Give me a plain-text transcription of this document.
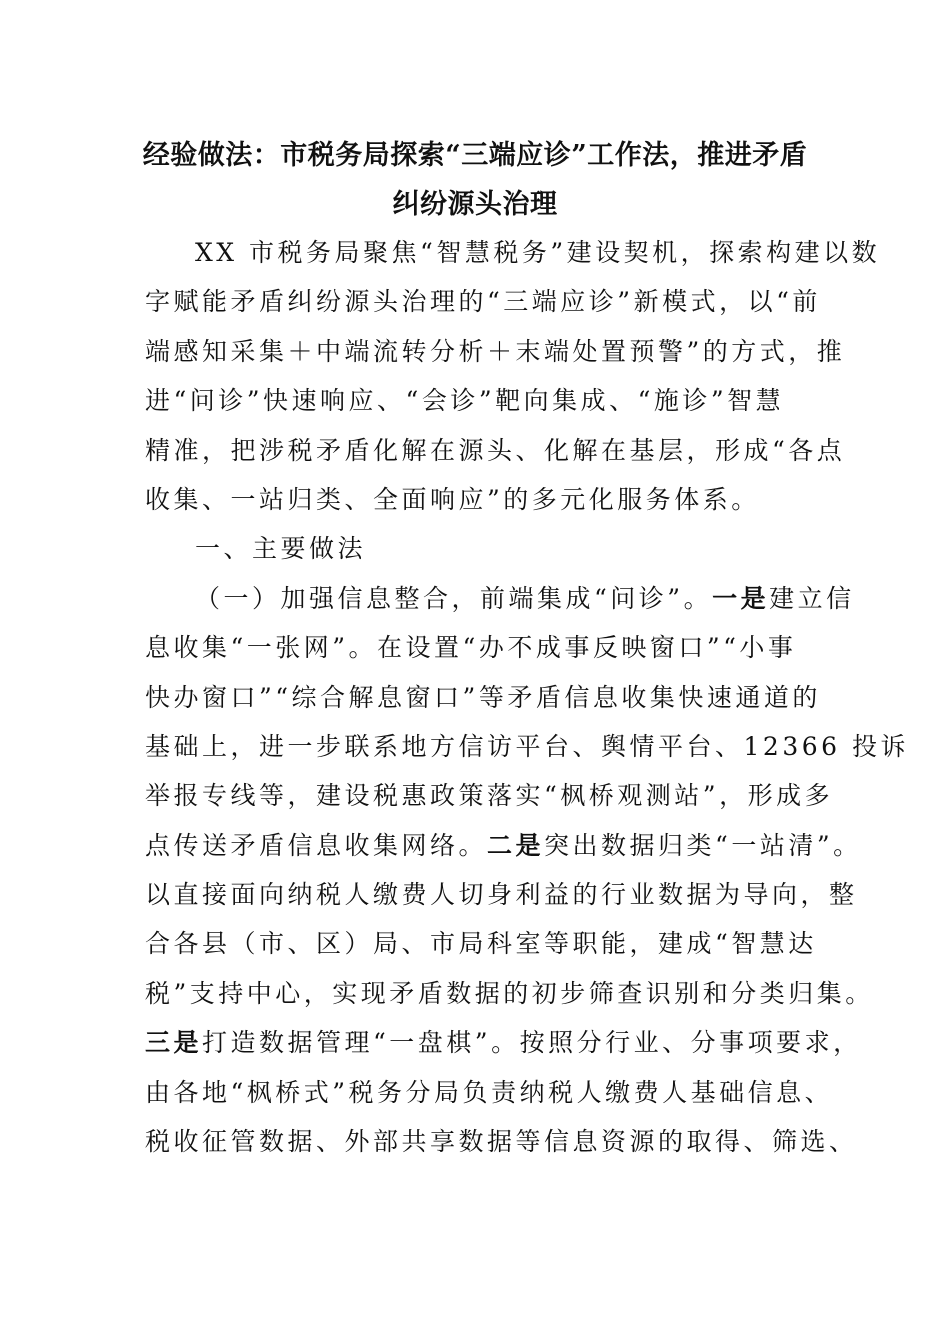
经验做法：市税务局探索“三端应诊”工作法，推进矛盾
纠纷源头治理
XX 市税务局聚焦“智慧税务”建设契机，探索构建以数
字赋能矛盾纠纷源头治理的“三端应诊”新模式，以“前
端感知采集＋中端流转分析＋末端处置预警”的方式，推
进“问诊”快速响应、“会诊”靶向集成、“施诊”智慧
精准，把涉税矛盾化解在源头、化解在基层，形成“各点
收集、一站归类、全面响应”的多元化服务体系。
一、主要做法
（一）加强信息整合，前端集成“问诊”。一是建立信
息收集“一张网”。在设置“办不成事反映窗口”“小事
快办窗口”“综合解息窗口”等矛盾信息收集快速通道的
基础上，进一步联系地方信访平台、舆情平台、12366 投诉
举报专线等，建设税惠政策落实“枫桥观测站”，形成多
点传送矛盾信息收集网络。二是突出数据归类“一站清”。
以直接面向纳税人缴费人切身利益的行业数据为导向，整
合各县（市、区）局、市局科室等职能，建成“智慧达
税”支持中心，实现矛盾数据的初步筛查识别和分类归集。
三是打造数据管理“一盘棋”。按照分行业、分事项要求，
由各地“枫桥式”税务分局负责纳税人缴费人基础信息、
税收征管数据、外部共享数据等信息资源的取得、筛选、
